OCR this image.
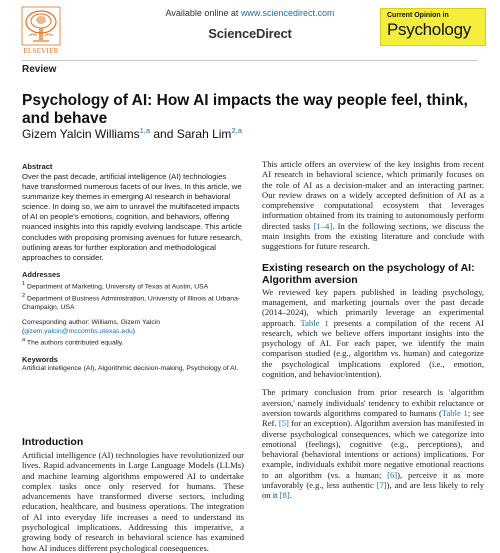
ELSEVIER
Available online at www.sciencedirect.com
ScienceDirect
Current Opinion in
Psychology
Review
Psychology of AI: How AI impacts the way people feel, think, and behave
Gizem Yalcin Williams$^{1,a}$ and Sarah Lim$^{2,a}$
Abstract

Over the past decade, artificial intelligence (AI) technologies have transformed numerous facets of our lives. In this article, we summarize key themes in emerging AI research in behavioral science. In doing so, we aim to unravel the multifaceted impacts of AI on people's emotions, cognition, and behaviors, offering nuanced insights into this rapidly evolving landscape. This article concludes with proposing promising avenues for future research, outlining areas for further exploration and methodological approaches to consider.

Addresses

$^1$ Department of Marketing, University of Texas at Austin, USA

$^2$ Department of Business Administration, University of Illinois at Urbana-Champaign, USA

Corresponding author: Williams, Gizem Yalcin (gizem.yalcin@mccombs.utexas.edu)

$^a$ The authors contributed equally.

Keywords

Artificial intelligence (AI), Algorithmic decision-making, Psychology of AI.

Introduction

Artificial intelligence (AI) technologies have revolutionized our lives. Rapid advancements in Large Language Models (LLMs) and machine learning algorithms empowered AI to undertake complex tasks once only reserved for humans. These advancements have transformed diverse sectors, including education, healthcare, and business operations. The integration of AI into everyday life increases a need to understand its psychological implications. Addressing this imperative, a growing body of research in behavioral science has examined how AI induces different psychological consequences.

This article offers an overview of the key insights from recent AI research in behavioral science, which primarily focuses on the role of AI as a decision-maker and an interacting partner. Our review draws on a widely accepted definition of AI as a comprehensive computational ecosystem that leverages information obtained from its training to autonomously perform directed tasks [1–4]. In the following sections, we discuss the main insights from the existing literature and conclude with suggestions for future research.

Existing research on the psychology of AI: Algorithm aversion

We reviewed key papers published in leading psychology, management, and marketing journals over the past decade (2014–2024), which primarily leverage an experimental approach. Table 1 presents a compilation of the recent AI research, which we believe offers important insights into the psychology of AI. For each paper, we identify the main comparison studied (e.g., algorithm vs. human) and categorize the psychological implications explored (i.e., emotion, cognition, and behavior/intention).

The primary conclusion from prior research is 'algorithm aversion,' namely individuals' tendency to exhibit reluctance or aversion towards algorithms compared to humans (Table 1; see Ref. [5] for an exception). Algorithm aversion has manifested in diverse psychological consequences, which we categorize into emotional (feelings), cognitive (e.g., perceptions), and behavioral (behavioral intentions or actions) implications. For example, individuals exhibit more negative emotional reactions to an algorithm (vs. a human; [6]), perceive it as more unfavorably (e.g., less authentic [7]), and are less likely to rely on it [8].
